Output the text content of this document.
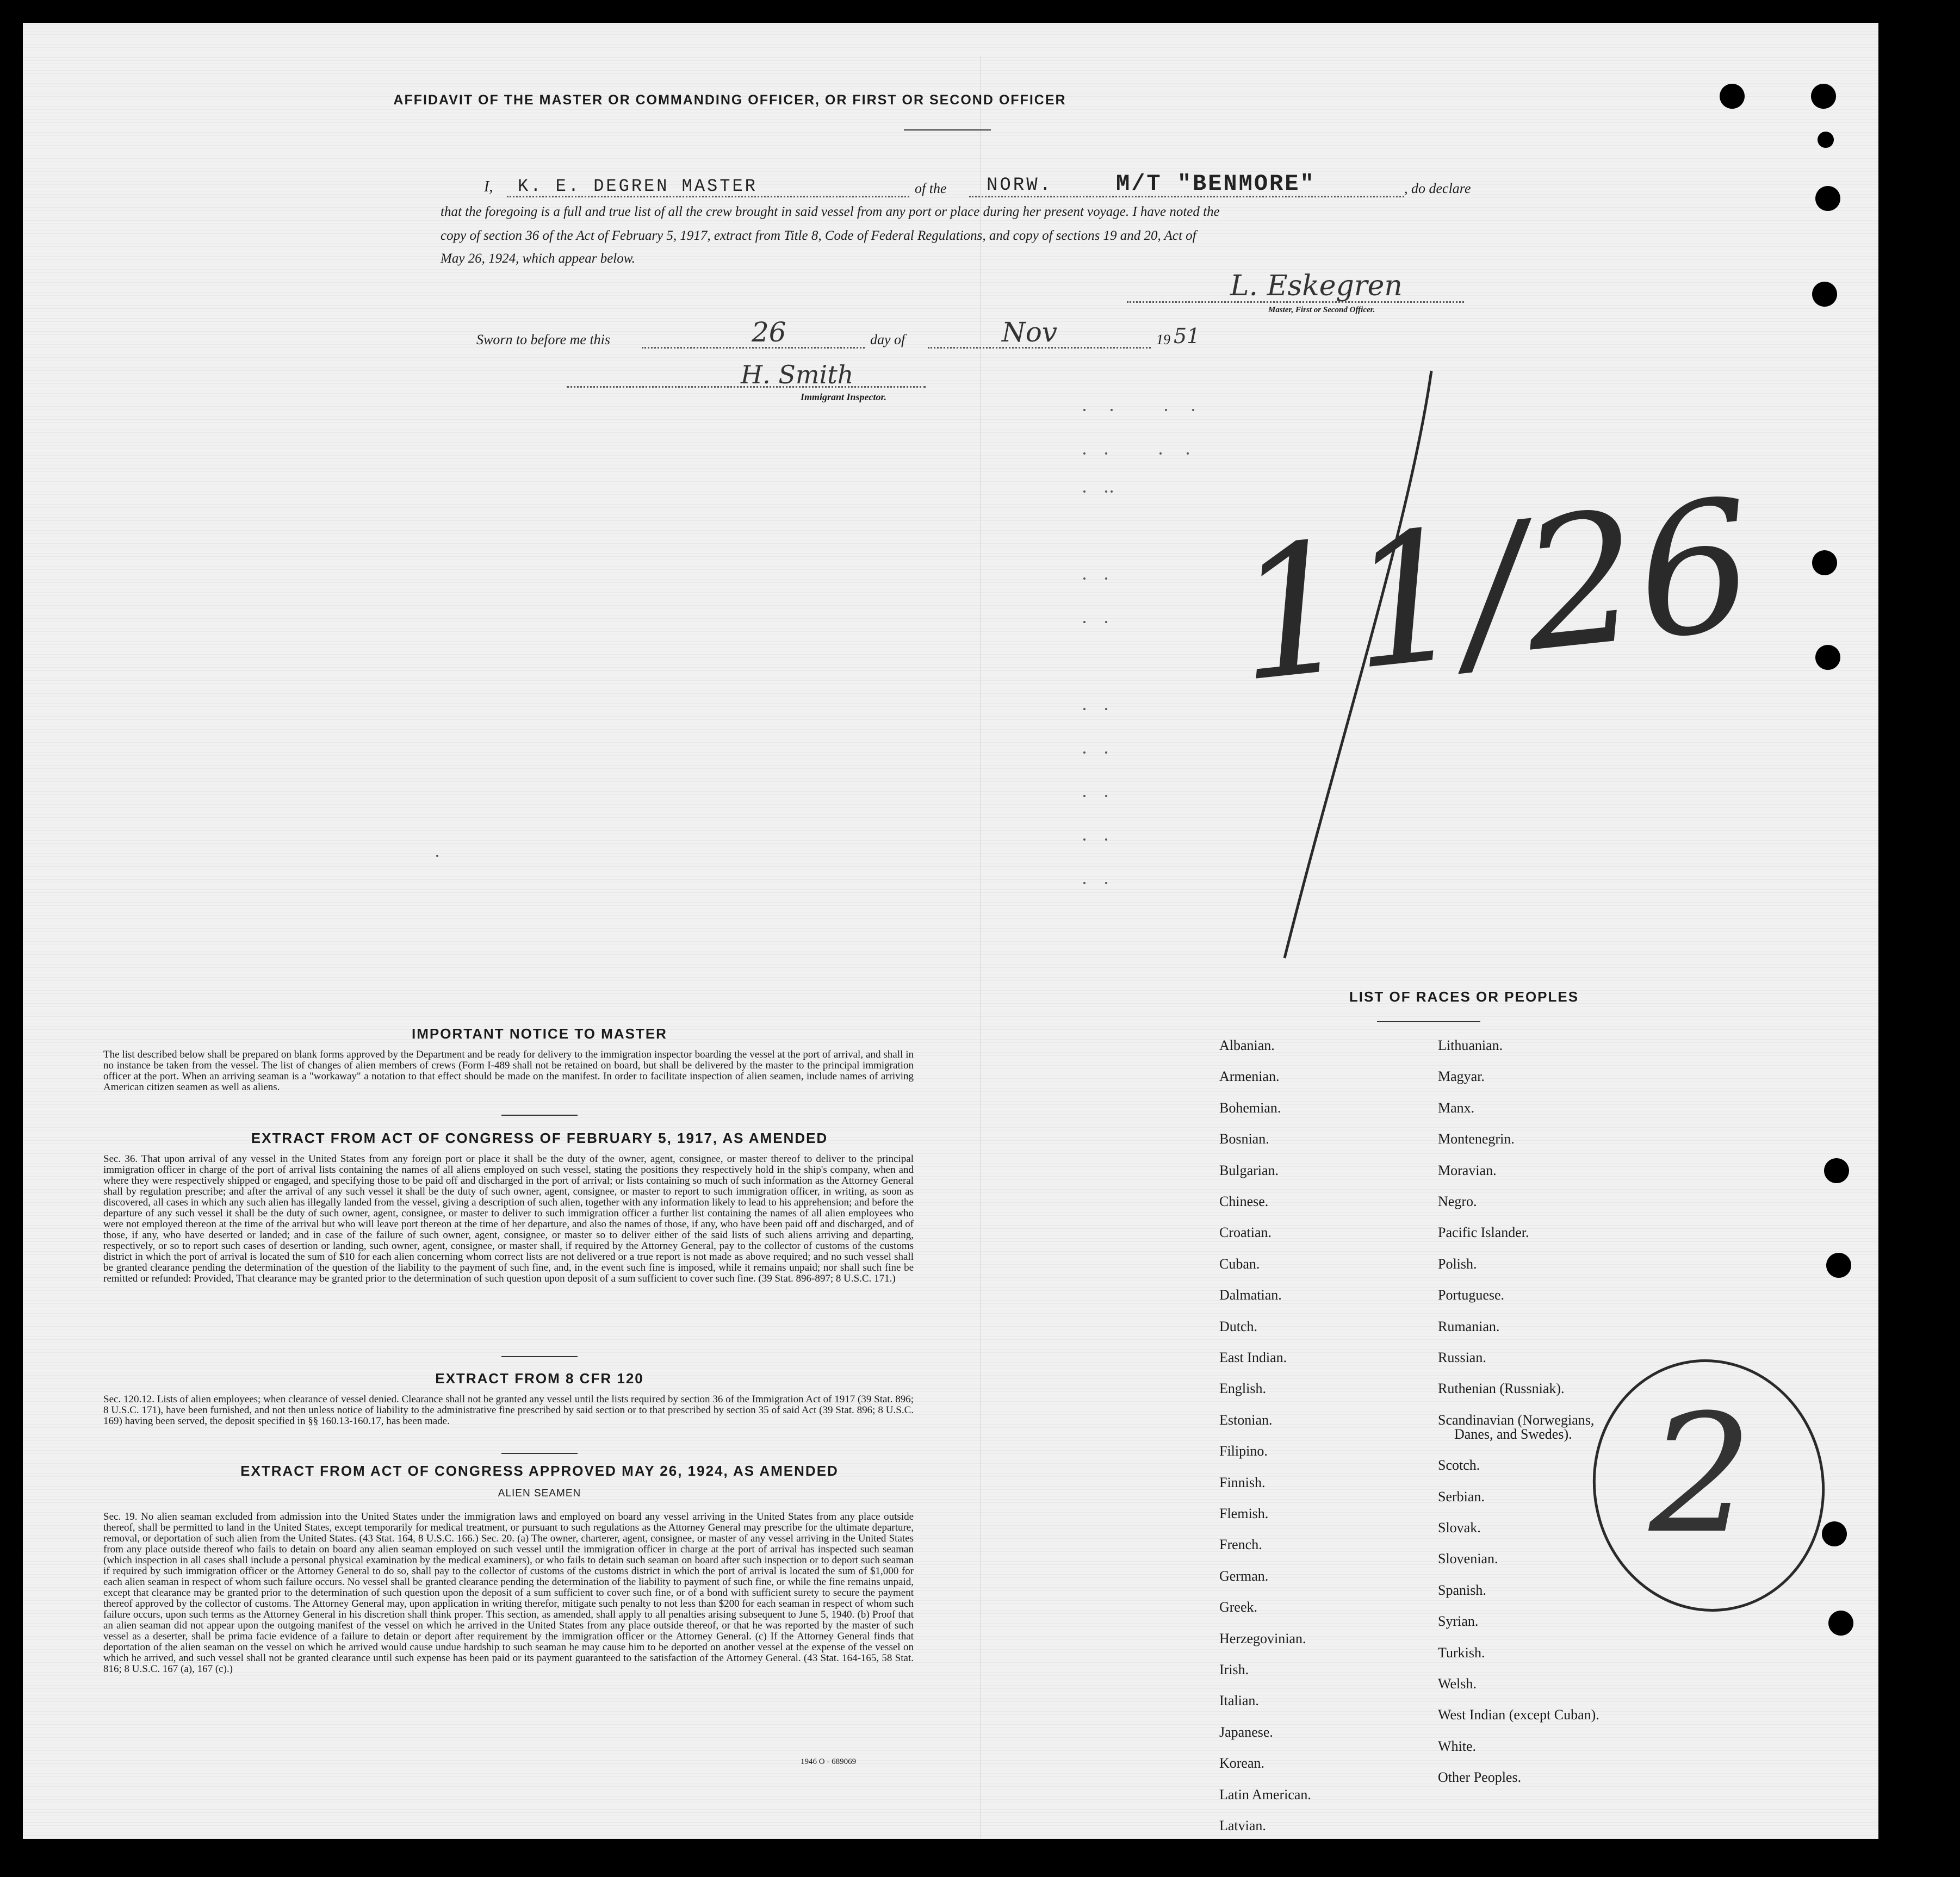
AFFIDAVIT OF THE MASTER OR COMMANDING OFFICER, OR FIRST OR SECOND OFFICER
I, K. E. DEGREN MASTER	of the NORW.	M/T "BENMORE"	, do declare
that the foregoing is a full and true list of all the crew brought in said vessel from any port or place during her present voyage. I have noted the
copy of section 36 of the Act of February 5, 1917, extract from Title 8, Code of Federal Regulations, and copy of sections 19 and 20, Act of
May 26, 1924, which appear below.
L. Eskegren
Master, First or Second Officer.
Sworn to before me this	26	day of	Nov	19 51
H. Smith
Immigrant Inspector.
11/26
2
IMPORTANT NOTICE TO MASTER
The list described below shall be prepared on blank forms approved by the Department and be ready for delivery to the immigration inspector boarding the vessel at the port of arrival, and shall in no instance be taken from the vessel. The list of changes of alien members of crews (Form I-489 shall not be retained on board, but shall be delivered by the master to the principal immigration officer at the port. When an arriving seaman is a "workaway" a notation to that effect should be made on the manifest. In order to facilitate inspection of alien seamen, include names of arriving American citizen seamen as well as aliens.
EXTRACT FROM ACT OF CONGRESS OF FEBRUARY 5, 1917, AS AMENDED
Sec. 36. That upon arrival of any vessel in the United States from any foreign port or place it shall be the duty of the owner, agent, consignee, or master thereof to deliver to the principal immigration officer in charge of the port of arrival lists containing the names of all aliens employed on such vessel, stating the positions they respectively hold in the ship's company, when and where they were respectively shipped or engaged, and specifying those to be paid off and discharged in the port of arrival; or lists containing so much of such information as the Attorney General shall by regulation prescribe; and after the arrival of any such vessel it shall be the duty of such owner, agent, consignee, or master to report to such immigration officer, in writing, as soon as discovered, all cases in which any such alien has illegally landed from the vessel, giving a description of such alien, together with any information likely to lead to his apprehension; and before the departure of any such vessel it shall be the duty of such owner, agent, consignee, or master to deliver to such immigration officer a further list containing the names of all alien employees who were not employed thereon at the time of the arrival but who will leave port thereon at the time of her departure, and also the names of those, if any, who have been paid off and discharged, and of those, if any, who have deserted or landed; and in case of the failure of such owner, agent, consignee, or master so to deliver either of the said lists of such aliens arriving and departing, respectively, or so to report such cases of desertion or landing, such owner, agent, consignee, or master shall, if required by the Attorney General, pay to the collector of customs of the customs district in which the port of arrival is located the sum of $10 for each alien concerning whom correct lists are not delivered or a true report is not made as above required; and no such vessel shall be granted clearance pending the determination of the question of the liability to the payment of such fine, and, in the event such fine is imposed, while it remains unpaid; nor shall such fine be remitted or refunded: Provided, That clearance may be granted prior to the determination of such question upon deposit of a sum sufficient to cover such fine. (39 Stat. 896-897; 8 U.S.C. 171.)
EXTRACT FROM 8 CFR 120
Sec. 120.12. Lists of alien employees; when clearance of vessel denied. Clearance shall not be granted any vessel until the lists required by section 36 of the Immigration Act of 1917 (39 Stat. 896; 8 U.S.C. 171), have been furnished, and not then unless notice of liability to the administrative fine prescribed by said section or to that prescribed by section 35 of said Act (39 Stat. 896; 8 U.S.C. 169) having been served, the deposit specified in §§ 160.13-160.17, has been made.
EXTRACT FROM ACT OF CONGRESS APPROVED MAY 26, 1924, AS AMENDED
ALIEN SEAMEN
Sec. 19. No alien seaman excluded from admission into the United States under the immigration laws and employed on board any vessel arriving in the United States from any place outside thereof, shall be permitted to land in the United States, except temporarily for medical treatment, or pursuant to such regulations as the Attorney General may prescribe for the ultimate departure, removal, or deportation of such alien from the United States. (43 Stat. 164, 8 U.S.C. 166.) Sec. 20. (a) The owner, charterer, agent, consignee, or master of any vessel arriving in the United States from any place outside thereof who fails to detain on board any alien seaman employed on such vessel until the immigration officer in charge at the port of arrival has inspected such seaman (which inspection in all cases shall include a personal physical examination by the medical examiners), or who fails to detain such seaman on board after such inspection or to deport such seaman if required by such immigration officer or the Attorney General to do so, shall pay to the collector of customs of the customs district in which the port of arrival is located the sum of $1,000 for each alien seaman in respect of whom such failure occurs. No vessel shall be granted clearance pending the determination of the liability to payment of such fine, or while the fine remains unpaid, except that clearance may be granted prior to the determination of such question upon the deposit of a sum sufficient to cover such fine, or of a bond with sufficient surety to secure the payment thereof approved by the collector of customs. The Attorney General may, upon application in writing therefor, mitigate such penalty to not less than $200 for each seaman in respect of whom such failure occurs, upon such terms as the Attorney General in his discretion shall think proper. This section, as amended, shall apply to all penalties arising subsequent to June 5, 1940. (b) Proof that an alien seaman did not appear upon the outgoing manifest of the vessel on which he arrived in the United States from any place outside thereof, or that he was reported by the master of such vessel as a deserter, shall be prima facie evidence of a failure to detain or deport after requirement by the immigration officer or the Attorney General. (c) If the Attorney General finds that deportation of the alien seaman on the vessel on which he arrived would cause undue hardship to such seaman he may cause him to be deported on another vessel at the expense of the vessel on which he arrived, and such vessel shall not be granted clearance until such expense has been paid or its payment guaranteed to the satisfaction of the Attorney General. (43 Stat. 164-165, 58 Stat. 816; 8 U.S.C. 167 (a), 167 (c).)
1946 O - 689069
LIST OF RACES OR PEOPLES
Albanian.
Armenian.
Bohemian.
Bosnian.
Bulgarian.
Chinese.
Croatian.
Cuban.
Dalmatian.
Dutch.
East Indian.
English.
Estonian.
Filipino.
Finnish.
Flemish.
French.
German.
Greek.
Herzegovinian.
Irish.
Italian.
Japanese.
Korean.
Latin American.
Latvian.
Lithuanian.
Magyar.
Manx.
Montenegrin.
Moravian.
Negro.
Pacific Islander.
Polish.
Portuguese.
Rumanian.
Russian.
Ruthenian (Russniak).
Scandinavian (Norwegians,
Danes, and Swedes).
Scotch.
Serbian.
Slovak.
Slovenian.
Spanish.
Syrian.
Turkish.
Welsh.
West Indian (except Cuban).
White.
Other Peoples.
